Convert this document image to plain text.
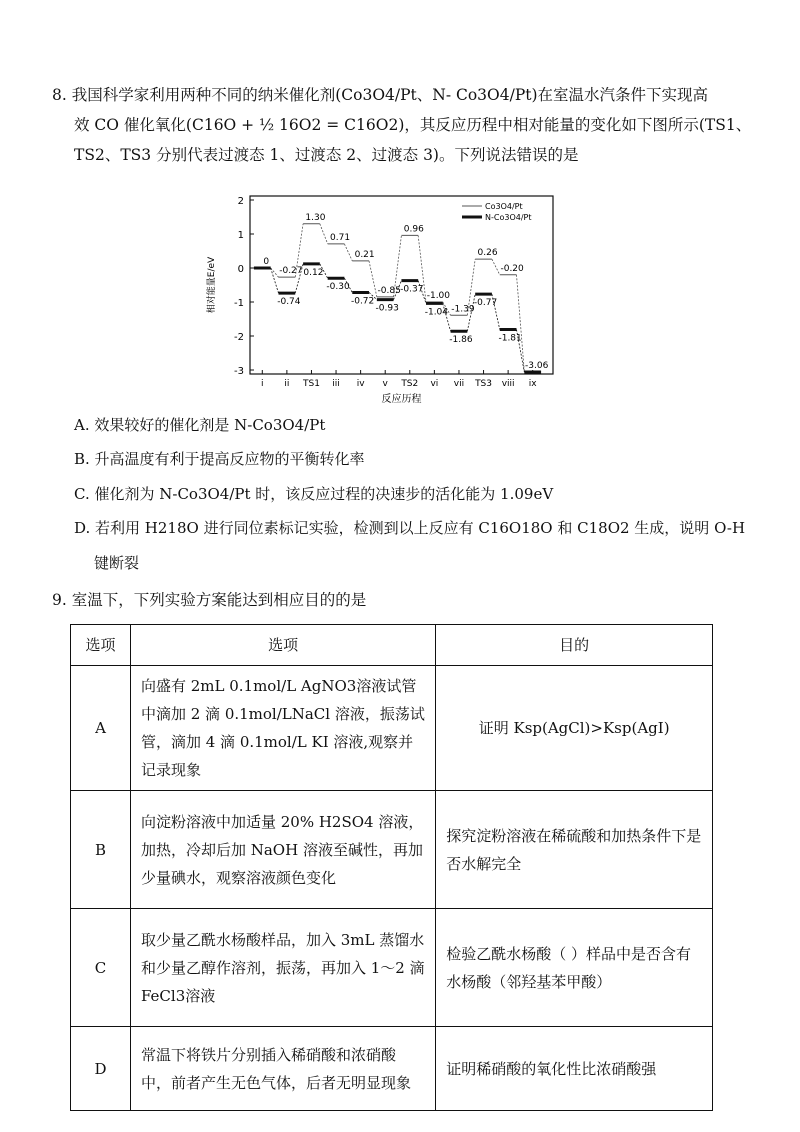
8. 我国科学家利用两种不同的纳米催化剂(Co3O4/Pt、N- Co3O4/Pt)在室温水汽条件下实现高
效 CO 催化氧化(C16O + ½ 16O2 = C16O2)，其反应历程中相对能量的变化如下图所示(TS1、
TS2、TS3 分别代表过渡态 1、过渡态 2、过渡态 3)。下列说法错误的是
2
1
0
-1
-2
-3
相对能量E/eV
i ii TS1 iii iv v TS2 vi vii TS3 viii ix
反应历程
0
-0.27
-0.74
1.30
0.12
0.71
-0.30
0.21
-0.72
-0.85
-0.93
0.96
-0.37
-1.00
-1.04 -1.39
-1.86
0.26
-0.77
-0.20
-1.81
-3.06
Co3O4/Pt
N-Co3O4/Pt
A. 效果较好的催化剂是 N-Co3O4/Pt
B. 升高温度有利于提高反应物的平衡转化率
C. 催化剂为 N-Co3O4/Pt 时，该反应过程的决速步的活化能为 1.09eV
D. 若利用 H218O 进行同位素标记实验，检测到以上反应有 C16O18O 和 C18O2 生成，说明 O-H
键断裂
9. 室温下，下列实验方案能达到相应目的的是
选项	选项	目的
A	向盛有 2mL 0.1mol/L AgNO3溶液试管中滴加 2 滴 0.1mol/LNaCl 溶液，振荡试管，滴加 4 滴 0.1mol/L KI 溶液,观察并记录现象	证明 Ksp(AgCl)>Ksp(AgI)
B	向淀粉溶液中加适量 20% H2SO4 溶液，加热，冷却后加 NaOH 溶液至碱性，再加少量碘水，观察溶液颜色变化	探究淀粉溶液在稀硫酸和加热条件下是否水解完全
C	取少量乙酰水杨酸样品，加入 3mL 蒸馏水和少量乙醇作溶剂，振荡，再加入 1～2 滴 FeCl3溶液	检验乙酰水杨酸（ ）样品中是否含有水杨酸（邻羟基苯甲酸）
D	常温下将铁片分别插入稀硝酸和浓硝酸中，前者产生无色气体，后者无明显现象	证明稀硝酸的氧化性比浓硝酸强
